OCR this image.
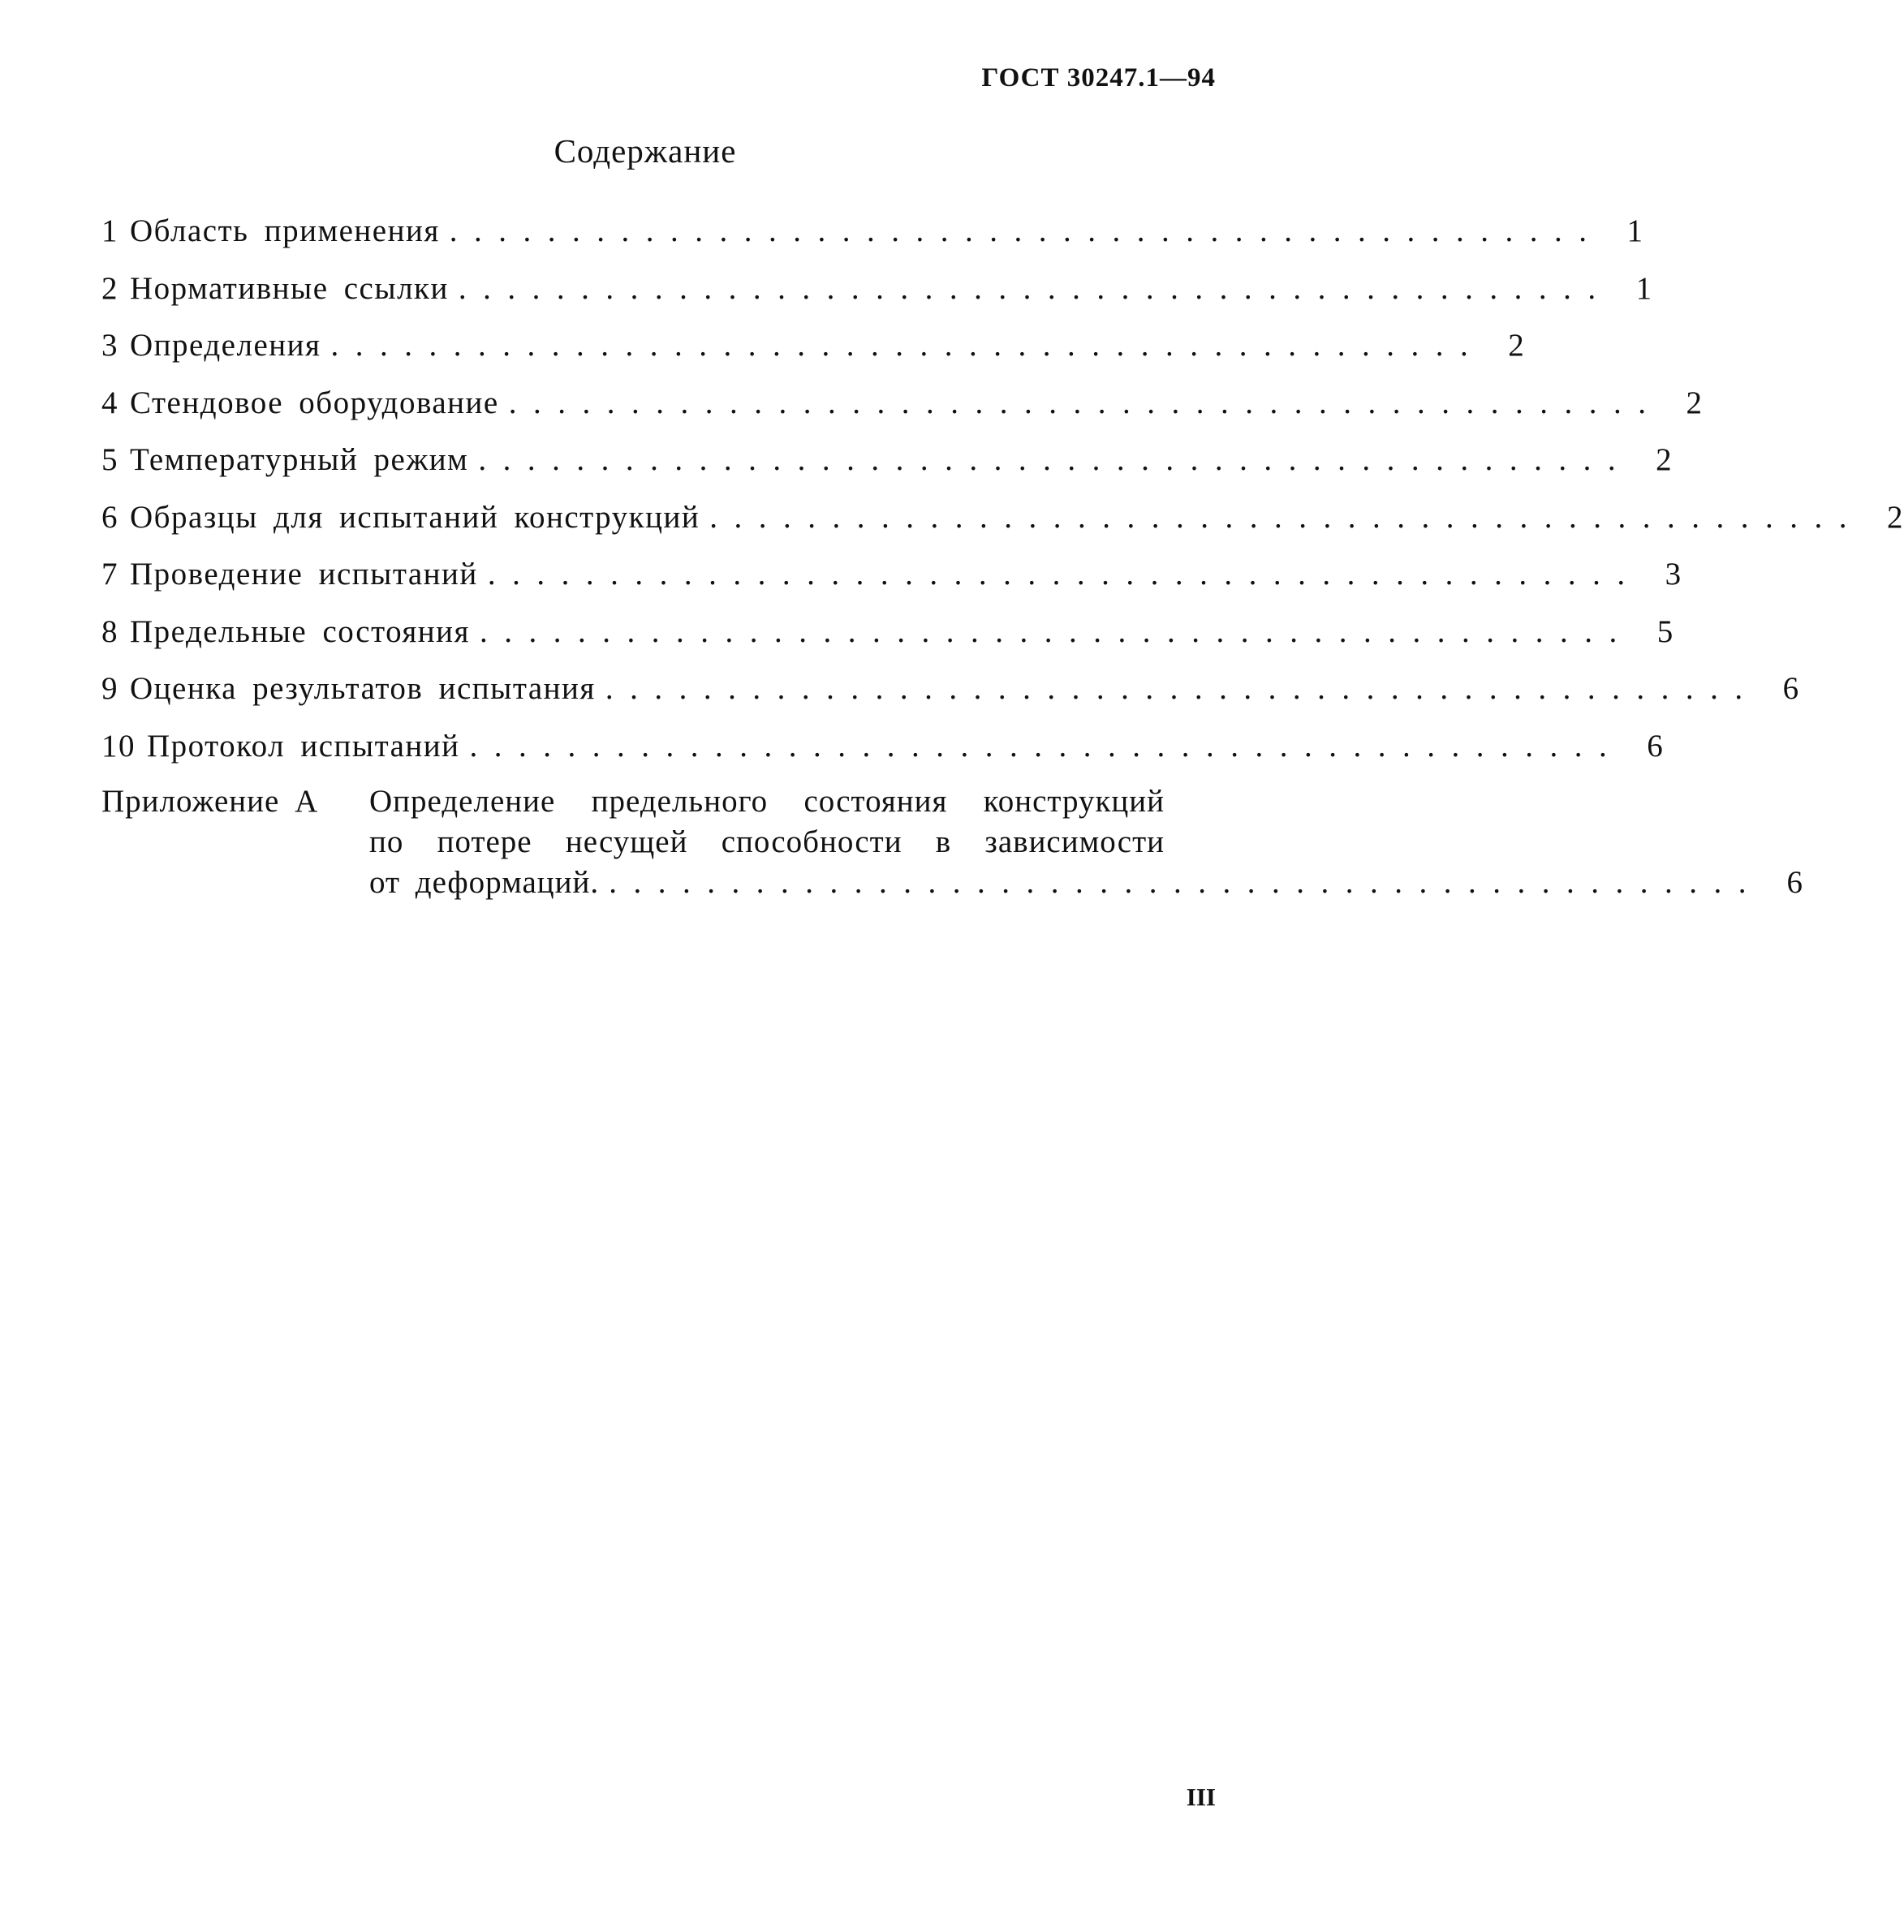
ГОСТ 30247.1—94
Содержание
1 Область применения ............................................... 1
2 Нормативные ссылки ............................................... 1
3 Определения ............................................... 2
4 Стендовое оборудование ............................................... 2
5 Температурный режим ............................................... 2
6 Образцы для испытаний конструкций ............................................... 2
7 Проведение испытаний ............................................... 3
8 Предельные состояния ............................................... 5
9 Оценка результатов испытания ............................................... 6
10 Протокол испытаний ............................................... 6
Приложение А	Определение предельного состояния конструкций
по потере несущей способности в зависимости
от деформаций. ............................................... 6
III
